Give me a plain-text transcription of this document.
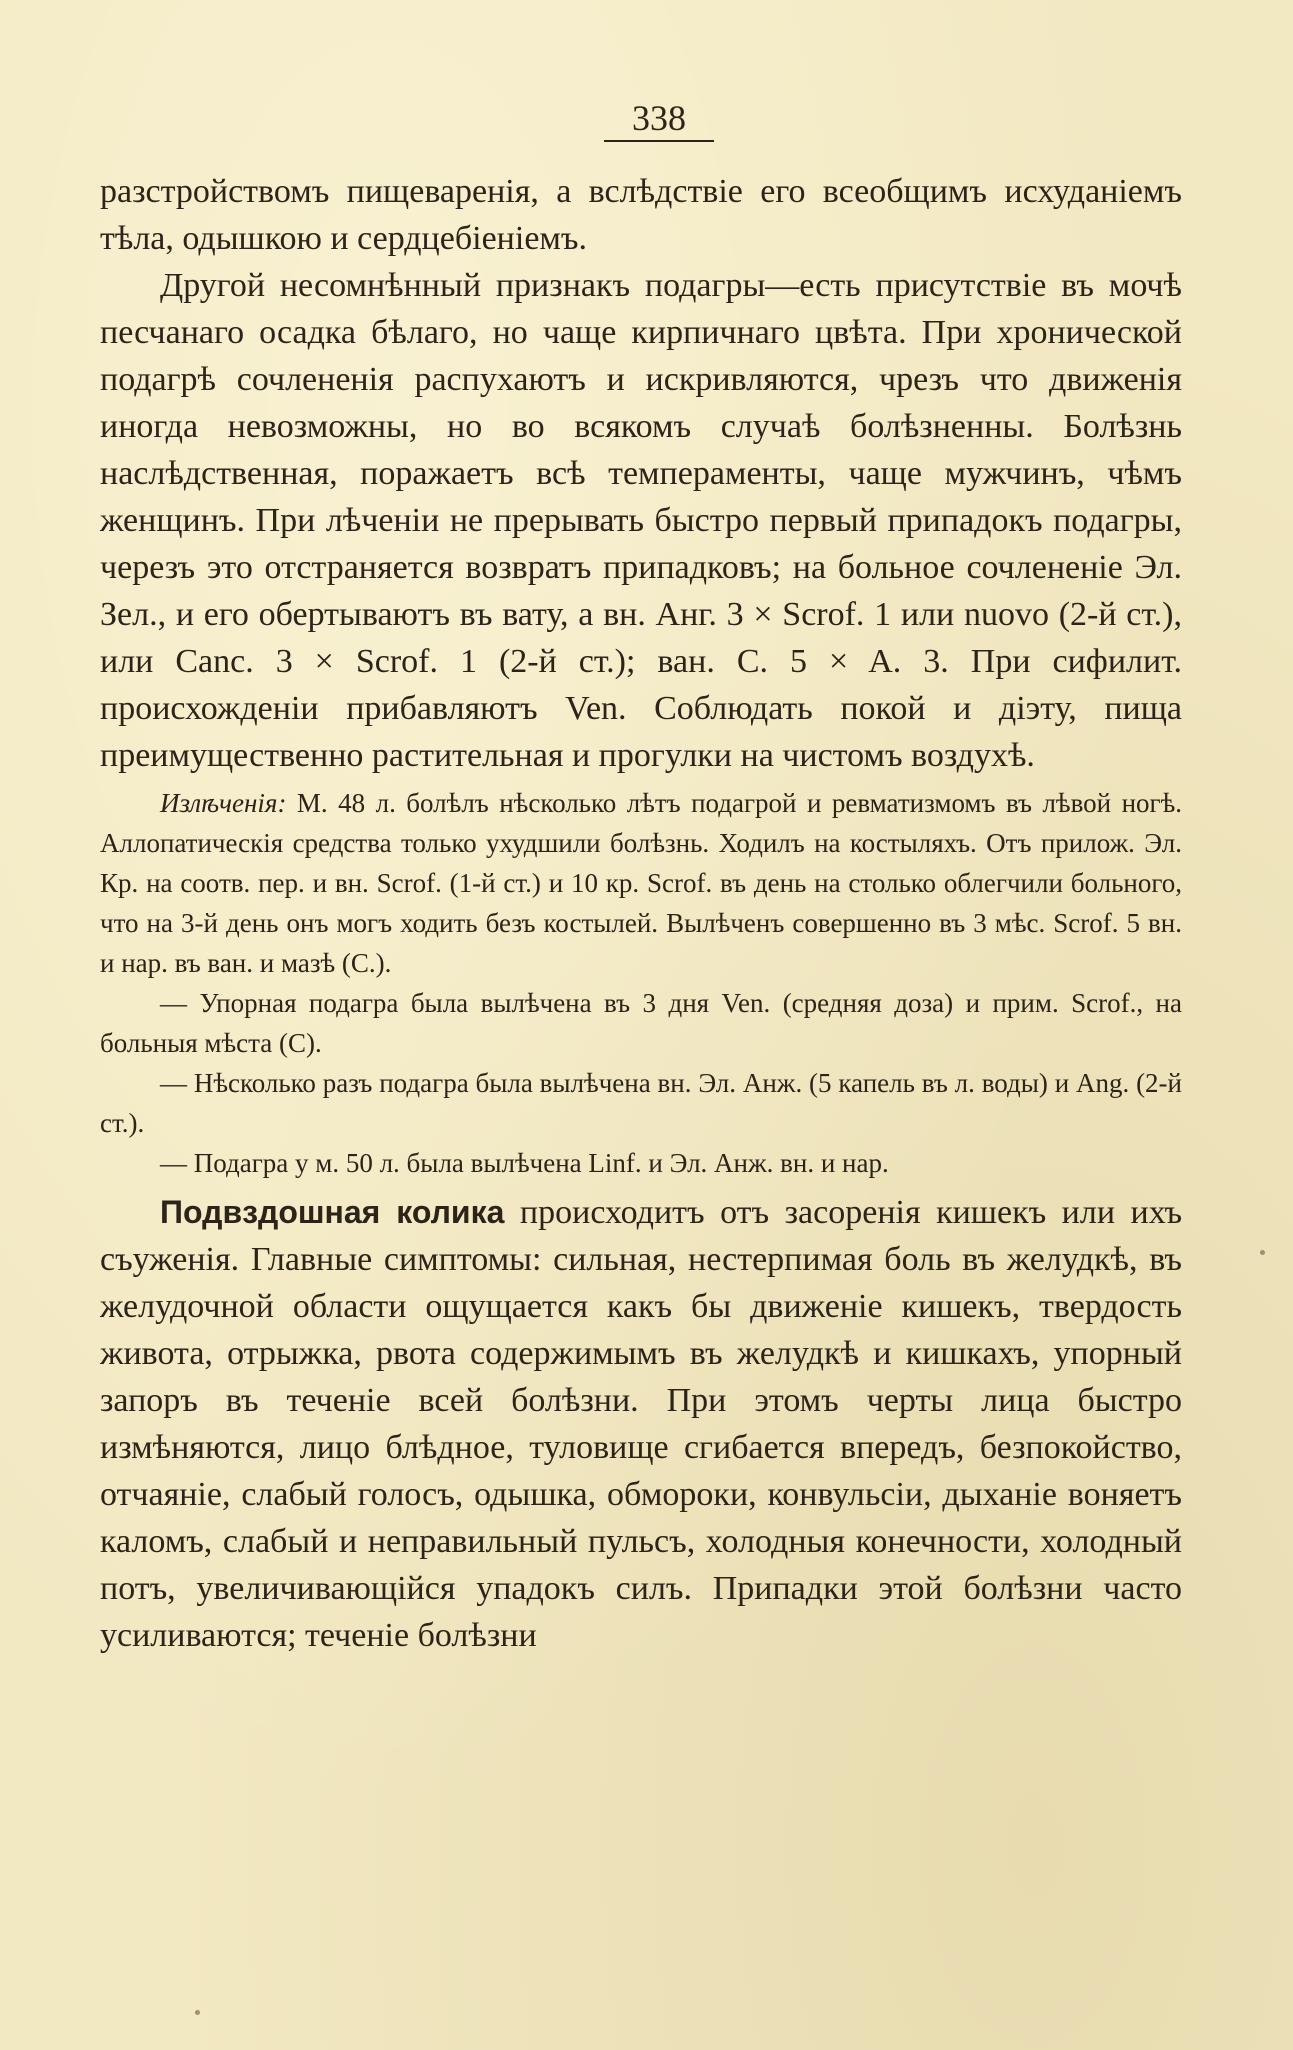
338

разстройствомъ пищеваренія, а вслѣдствіе его всеобщимъ исхуданіемъ тѣла, одышкою и сердцебіеніемъ.

Другой несомнѣнный признакъ подагры—есть присутствіе въ мочѣ песчанаго осадка бѣлаго, но чаще кирпичнаго цвѣта. При хронической подагрѣ сочлененія распухаютъ и искривляются, чрезъ что движенія иногда невозможны, но во всякомъ случаѣ болѣзненны. Болѣзнь наслѣдственная, поражаетъ всѣ темпераменты, чаще мужчинъ, чѣмъ женщинъ. При лѣченіи не прерывать быстро первый припадокъ подагры, черезъ это отстраняется возвратъ припадковъ; на больное сочлененіе Эл. Зел., и его обертываютъ въ вату, а вн. Анг. 3 × Scrof. 1 или nuovo (2-й ст.), или Canc. 3 × Scrof. 1 (2-й ст.); ван. C. 5 × A. 3. При сифилит. происхожденіи прибавляютъ Ven. Соблюдать покой и діэту, пища преимущественно растительная и прогулки на чистомъ воздухѣ.

Излѣченія: М. 48 л. болѣлъ нѣсколько лѣтъ подагрой и ревматизмомъ въ лѣвой ногѣ. Аллопатическія средства только ухудшили болѣзнь. Ходилъ на костыляхъ. Отъ прилож. Эл. Кр. на соотв. пер. и вн. Scrof. (1-й ст.) и 10 кр. Scrof. въ день на столько облегчили больного, что на 3-й день онъ могъ ходить безъ костылей. Вылѣченъ совершенно въ 3 мѣс. Scrof. 5 вн. и нар. въ ван. и мазѣ (С.).

— Упорная подагра была вылѣчена въ 3 дня Ven. (средняя доза) и прим. Scrof., на больныя мѣста (С).

— Нѣсколько разъ подагра была вылѣчена вн. Эл. Анж. (5 капель въ л. воды) и Ang. (2-й ст.).

— Подагра у м. 50 л. была вылѣчена Linf. и Эл. Анж. вн. и нар.

Подвздошная колика происходитъ отъ засоренія кишекъ или ихъ съуженія. Главные симптомы: сильная, нестерпимая боль въ желудкѣ, въ желудочной области ощущается какъ бы движеніе кишекъ, твердость живота, отрыжка, рвота содержимымъ въ желудкѣ и кишкахъ, упорный запоръ въ теченіе всей болѣзни. При этомъ черты лица быстро измѣняются, лицо блѣдное, туловище сгибается впередъ, безпокойство, отчаяніе, слабый голосъ, одышка, обмороки, конвульсіи, дыханіе воняетъ каломъ, слабый и неправильный пульсъ, холодныя конечности, холодный потъ, увеличивающійся упадокъ силъ. Припадки этой болѣзни часто усиливаются; теченіе болѣзни
